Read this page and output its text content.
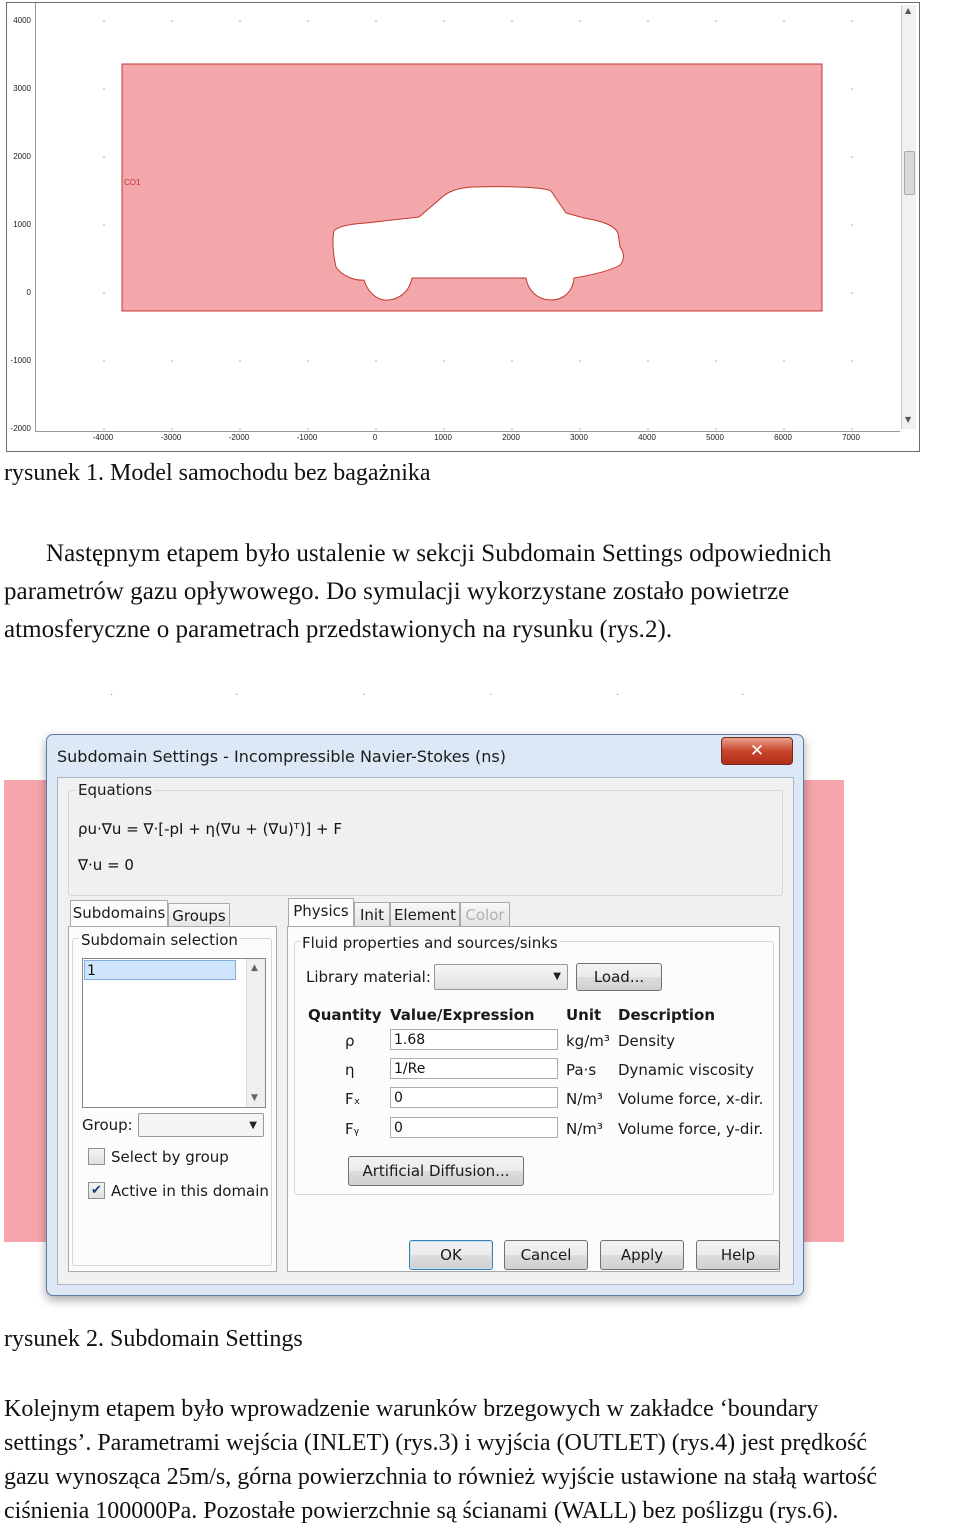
CO1
4000
3000
2000
1000
0
-1000
-2000
-4000	-3000	-2000	-1000	0	1000	2000	3000	4000	5000	6000	7000
▲
▼
rysunek 1. Model samochodu bez bagażnika
Następnym etapem było ustalenie w sekcji Subdomain Settings odpowiednich
parametrów gazu opływowego. Do symulacji wykorzystane zostało powietrze
atmosferyczne o parametrach przedstawionych na rysunku (rys.2).
·	·	·	·	·	·
Subdomain Settings - Incompressible Navier-Stokes (ns)	✕
Equations
ρu·∇u = ∇·[-pI + η(∇u + (∇u)ᵀ)] + F
∇·u = 0
Subdomains Groups
Subdomain selection
1	▲
▼
Group:	▼
Select by group
✔ Active in this domain
Physics Init Element Color
Fluid properties and sources/sinks
Library material:	▼	Load...
Quantity Value/Expression Unit Description
ρ	1.68	kg/m³ Density
η	1/Re	Pa·s Dynamic viscosity
Fₓ 0	N/m³ Volume force, x-dir.
Fᵧ 0	N/m³ Volume force, y-dir.
Artificial Diffusion...
OK	Cancel	Apply	Help
rysunek 2. Subdomain Settings
Kolejnym etapem było wprowadzenie warunków brzegowych w zakładce ‘boundary
settings’. Parametrami wejścia (INLET) (rys.3) i wyjścia (OUTLET) (rys.4) jest prędkość
gazu wynosząca 25m/s, górna powierzchnia to również wyjście ustawione na stałą wartość
ciśnienia 100000Pa. Pozostałe powierzchnie są ścianami (WALL) bez poślizgu (rys.6).
